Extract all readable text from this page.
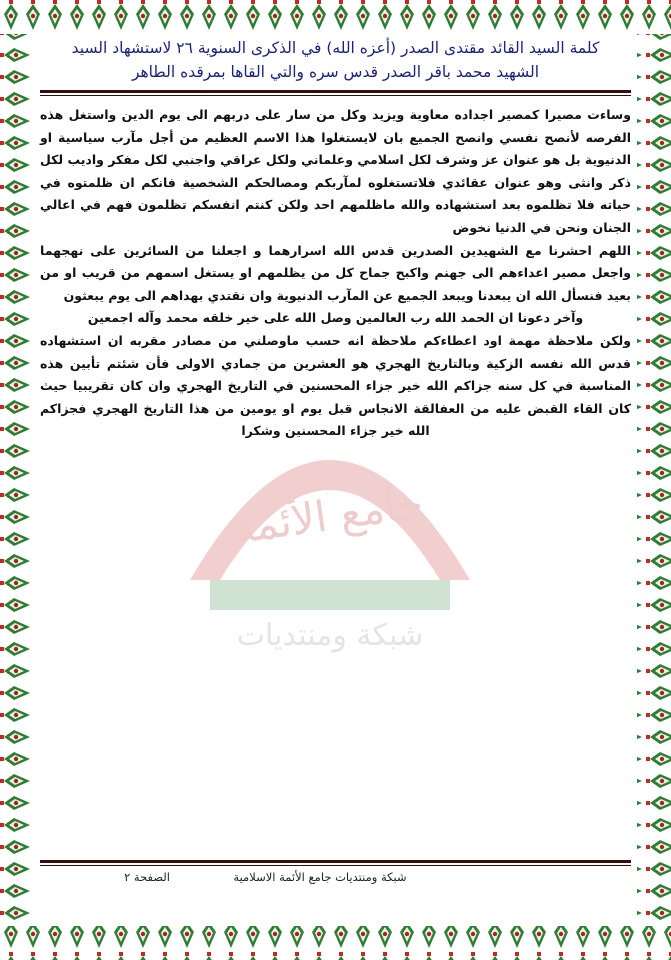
كلمة السيد القائد مقتدى الصدر (أعزه الله) في الذكرى السنوية ٢٦ لاستشهاد السيد
الشهيد محمد باقر الصدر قدس سره والتي القاها بمرقده الطاهر
جامع الأئمة
شبكة ومنتديات

وساءت مصيرا كمصير اجداده معاوية ويزيد وكل من سار على دربهم الى يوم الدين واستغل هذه الفرصه لأنصح نفسي وانصح الجميع بان لايستغلوا هذا الاسم العظيم من أجل مآرب سياسية او الدنيوية بل هو عنوان عز وشرف لكل اسلامي وعلماني ولكل عراقي واجنبي لكل مفكر واديب لكل ذكر وانثى وهو عنوان عقائدي فلاتستغلوه لمآربكم ومصالحكم الشخصية فانكم ان ظلمتوه في حياته فلا تظلموه بعد استشهاده والله ماظلمهم احد ولكن كنتم انفسكم تظلمون فهم في اعالي الجنان ونحن في الدنيا نخوض

اللهم احشرنا مع الشهيدين الصدرين قدس الله اسرارهما و اجعلنا من السائرين على نهجهما واجعل مصير اعداءهم الى جهنم واكبح جماح كل من يظلمهم او يستغل اسمهم من قريب او من بعيد فنسأل الله ان يبعدنا ويبعد الجميع عن المآرب الدنيوية وان نقتدي بهداهم الى يوم يبعثون

وآخر دعونا ان الحمد الله رب العالمين وصل الله على خير خلقه محمد وآله اجمعين

ولكن ملاحظة مهمة اود اعطاءكم ملاحظة انه حسب ماوصلني من مصادر مقربه ان استشهاده قدس الله نفسه الزكية وبالتاريخ الهجري هو العشرين من جمادي الاولى فأن شئتم تأبين هذه المناسبة في كل سنه جزاكم الله خير جزاء المحسنين في التاريخ الهجري وان كان تقريبيا حيث كان القاء القبض عليه من العفالقة الانجاس قبل يوم او يومين من هذا التاريخ الهجري فجزاكم الله خير جزاء المحسنين وشكرا

شبكة ومنتديات جامع الأئمة الاسلامية
الصفحة ٢
